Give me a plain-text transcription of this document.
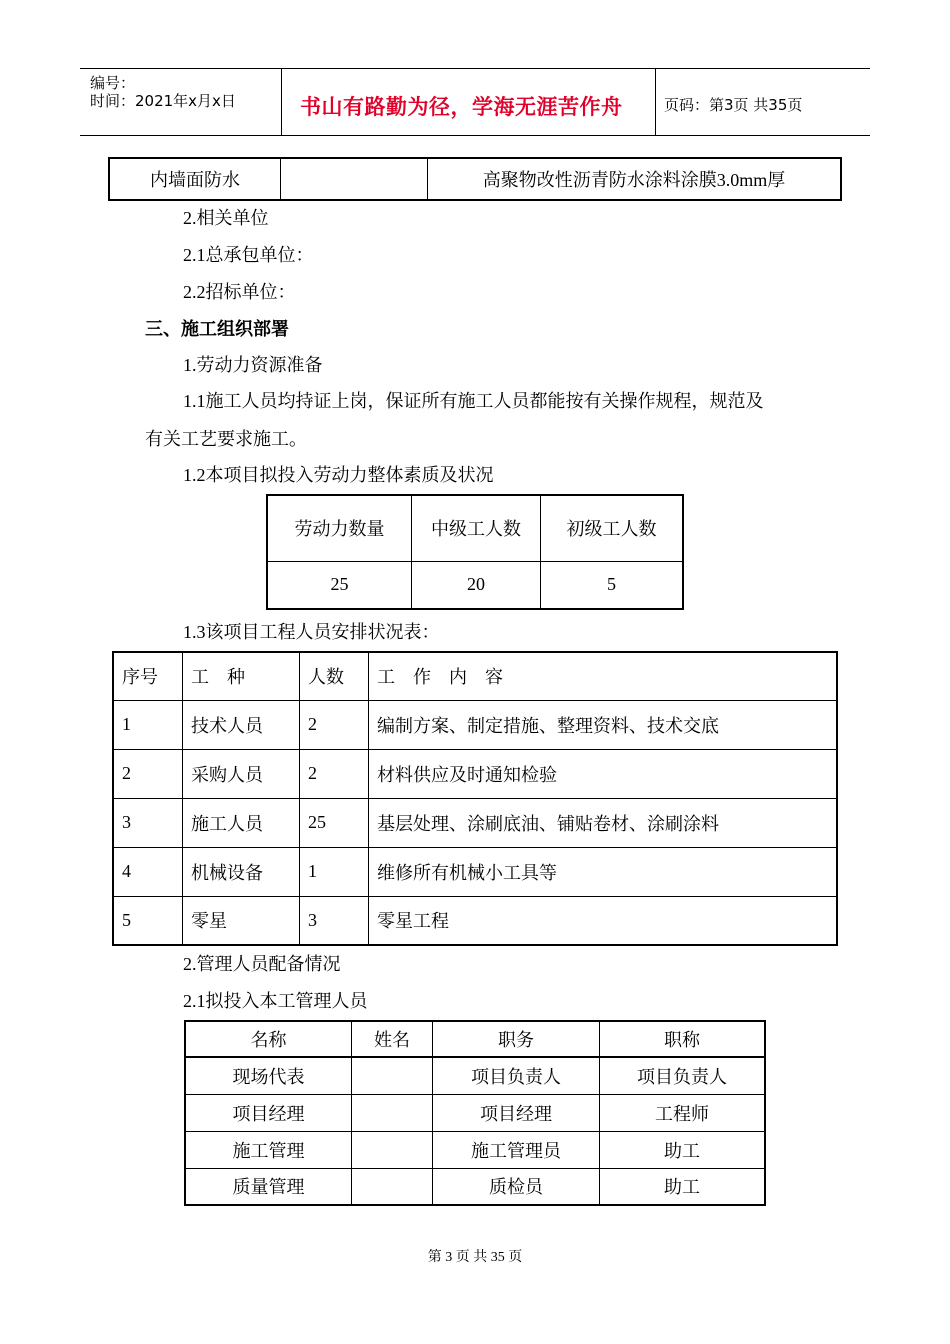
编号：
时间：2021年x月x日	书山有路勤为径，学海无涯苦作舟	页码：第3页 共35页
内墙面防水		高聚物改性沥青防水涂料涂膜3.0mm厚
2.相关单位
2.1总承包单位：
2.2招标单位：
三、施工组织部署
1.劳动力资源准备
1.1施工人员均持证上岗，保证所有施工人员都能按有关操作规程，规范及
有关工艺要求施工。
1.2本项目拟投入劳动力整体素质及状况
劳动力数量	中级工人数	初级工人数
25	20	5
1.3该项目工程人员安排状况表：
序号	工　种	人数	工　作　内　容
1	技术人员	2	编制方案、制定措施、整理资料、技术交底
2	采购人员	2	材料供应及时通知检验
3	施工人员	25	基层处理、涂刷底油、铺贴卷材、涂刷涂料
4	机械设备	1	维修所有机械小工具等
5	零星	3	零星工程
2.管理人员配备情况
2.1拟投入本工管理人员
名称	姓名	职务	职称
现场代表		项目负责人	项目负责人
项目经理		项目经理	工程师
施工管理		施工管理员	助工
质量管理		质检员	助工
第 3 页 共 35 页
